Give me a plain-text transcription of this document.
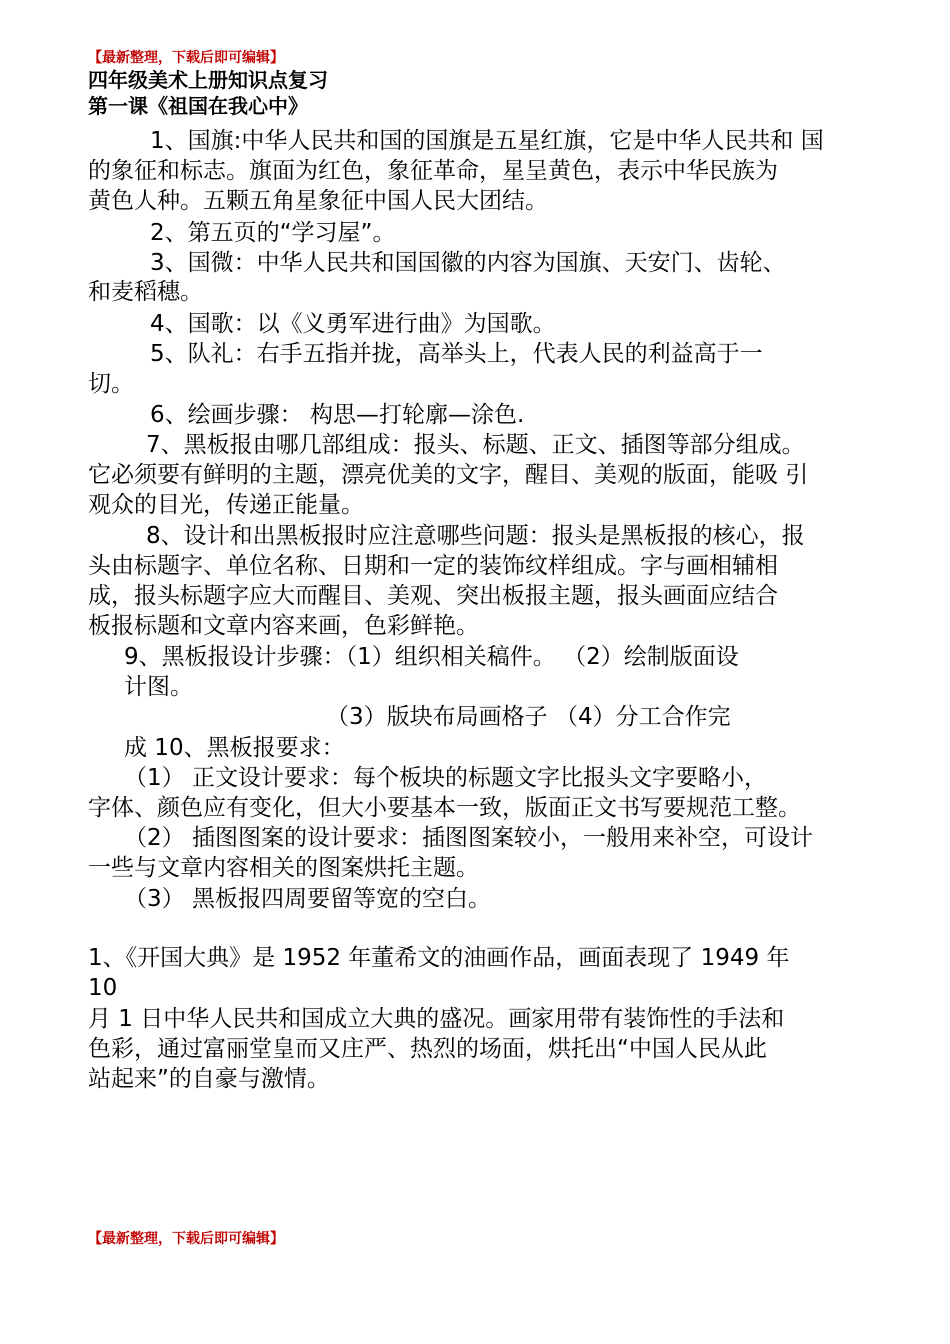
【最新整理，下载后即可编辑】
四年级美术上册知识点复习
第一课《祖国在我心中》
1、国旗:中华人民共和国的国旗是五星红旗，它是中华人民共和 国
的象征和标志。旗面为红色，象征革命，星呈黄色，表示中华民族为
黄色人种。五颗五角星象征中国人民大团结。
2、第五页的“学习屋”。
3、国微：中华人民共和国国徽的内容为国旗、天安门、齿轮、
和麦稻穗。
4、国歌：以《义勇军进行曲》为国歌。
5、队礼：右手五指并拢，高举头上，代表人民的利益高于一
切。
6、绘画步骤： 构思—打轮廓—涂色.
7、黑板报由哪几部组成：报头、标题、正文、插图等部分组成。
它必须要有鲜明的主题，漂亮优美的文字，醒目、美观的版面，能吸 引
观众的目光，传递正能量。
8、设计和出黑板报时应注意哪些问题：报头是黑板报的核心，报
头由标题字、单位名称、日期和一定的装饰纹样组成。字与画相辅相
成，报头标题字应大而醒目、美观、突出板报主题，报头画面应结合
板报标题和文章内容来画，色彩鲜艳。
9、黑板报设计步骤：（1）组织相关稿件。 （2）绘制版面设
计图。
（3）版块布局画格子 （4）分工合作完
成 10、黑板报要求：
（1） 正文设计要求：每个板块的标题文字比报头文字要略小，
字体、颜色应有变化，但大小要基本一致，版面正文书写要规范工整。
（2） 插图图案的设计要求：插图图案较小，一般用来补空，可设计
一些与文章内容相关的图案烘托主题。
（3） 黑板报四周要留等宽的空白。
1、《开国大典》是 1952 年董希文的油画作品，画面表现了 1949 年
10
月 1 日中华人民共和国成立大典的盛况。画家用带有装饰性的手法和
色彩，通过富丽堂皇而又庄严、热烈的场面，烘托出“中国人民从此
站起来”的自豪与激情。
【最新整理，下载后即可编辑】
